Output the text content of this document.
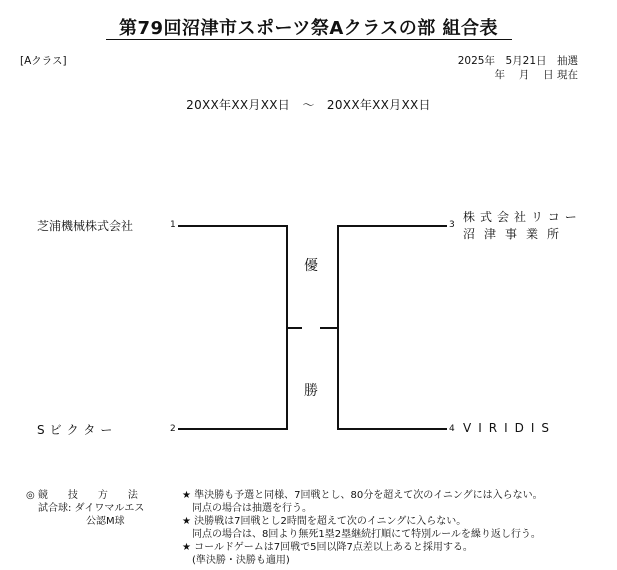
第79回沼津市スポーツ祭Aクラスの部 組合表
[Aクラス]	2025年　5月21日　抽選
年　 月　 日 現在
20XX年XX月XX日　～　20XX年XX月XX日
芝浦機械株式会社	1
Sビクター	2
3
株式会社リコー
沼津事業所
4 VIRIDIS
優
勝
◎ 競　　技　　方　　法
試合球: ダイワマルエス
公認M球
★ 準決勝も予選と同様、7回戦とし、80分を超えて次のイニングには入らない。
　同点の場合は抽選を行う。
★ 決勝戦は7回戦とし2時間を超えて次のイニングに入らない。
　同点の場合は、8回より無死1塁2塁継続打順にて特別ルールを繰り返し行う。
★ コールドゲームは7回戦で5回以降7点差以上あると採用する。
　(準決勝・決勝も適用)
